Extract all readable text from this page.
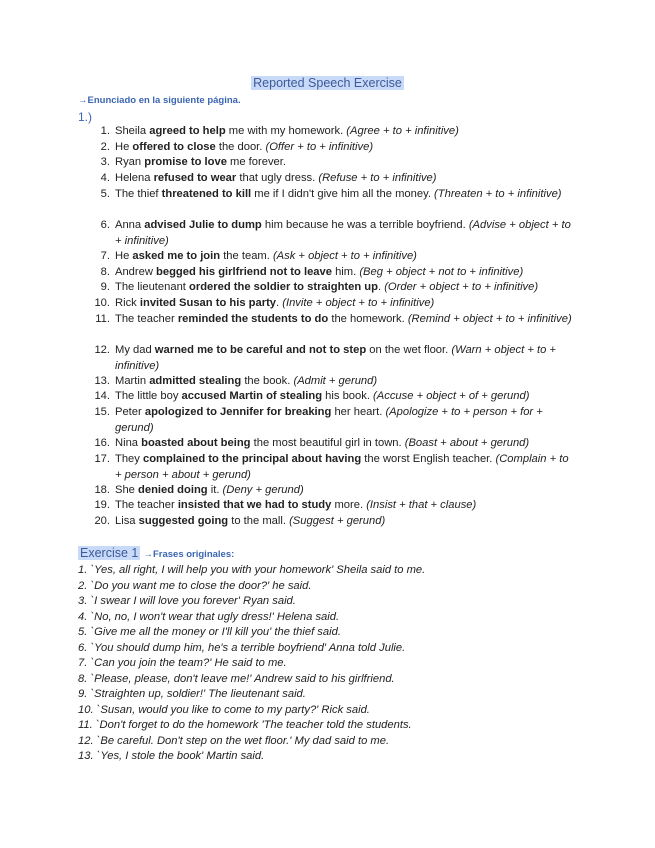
Reported Speech Exercise
→Enunciado en la siguiente página.
1.)
1. Sheila agreed to help me with my homework. (Agree + to + infinitive)
2. He offered to close the door. (Offer + to + infinitive)
3. Ryan promise to love me forever.
4. Helena refused to wear that ugly dress. (Refuse + to + infinitive)
5. The thief threatened to kill me if I didn't give him all the money. (Threaten + to + infinitive)
6. Anna advised Julie to dump him because he was a terrible boyfriend. (Advise + object + to + infinitive)
7. He asked me to join the team. (Ask + object + to + infinitive)
8. Andrew begged his girlfriend not to leave him. (Beg + object + not to + infinitive)
9. The lieutenant ordered the soldier to straighten up. (Order + object + to + infinitive)
10. Rick invited Susan to his party. (Invite + object + to + infinitive)
11. The teacher reminded the students to do the homework. (Remind + object + to + infinitive)
12. My dad warned me to be careful and not to step on the wet floor. (Warn + object + to + infinitive)
13. Martin admitted stealing the book. (Admit + gerund)
14. The little boy accused Martin of stealing his book. (Accuse + object + of + gerund)
15. Peter apologized to Jennifer for breaking her heart. (Apologize + to + person + for + gerund)
16. Nina boasted about being the most beautiful girl in town. (Boast + about + gerund)
17. They complained to the principal about having the worst English teacher. (Complain + to + person + about + gerund)
18. She denied doing it. (Deny + gerund)
19. The teacher insisted that we had to study more. (Insist + that + clause)
20. Lisa suggested going to the mall. (Suggest + gerund)
Exercise 1 →Frases originales:
1. `Yes, all right, I will help you with your homework' Sheila said to me.
2. `Do you want me to close the door?' he said.
3. `I swear I will love you forever' Ryan said.
4. `No, no, I won't wear that ugly dress!' Helena said.
5. `Give me all the money or I'll kill you' the thief said.
6. `You should dump him, he's a terrible boyfriend' Anna told Julie.
7. `Can you join the team?' He said to me.
8. `Please, please, don't leave me!' Andrew said to his girlfriend.
9. `Straighten up, soldier!' The lieutenant said.
10. `Susan, would you like to come to my party?' Rick said.
11. `Don't forget to do the homework 'The teacher told the students.
12. `Be careful. Don't step on the wet floor.' My dad said to me.
13. `Yes, I stole the book' Martin said.
